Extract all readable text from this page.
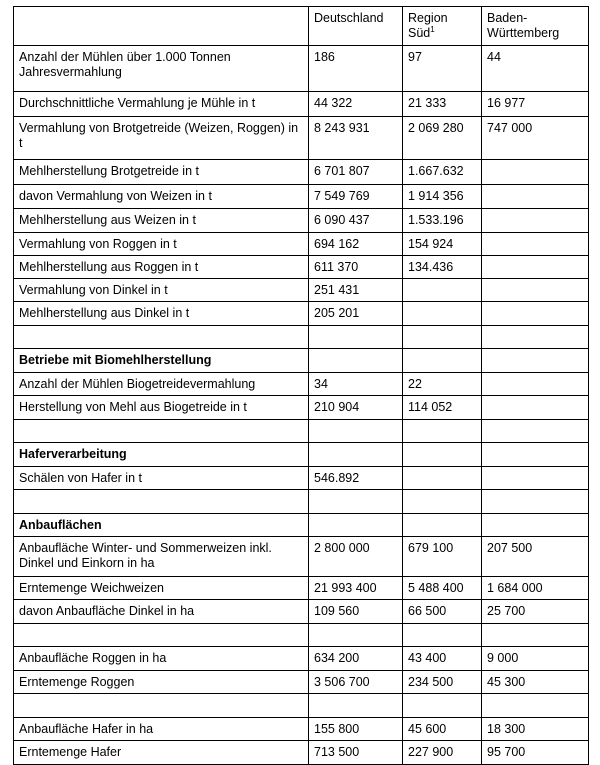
	Deutschland	Region Süd$^1$	Baden-Württemberg
Anzahl der Mühlen über 1.000 Tonnen Jahresvermahlung	186	97	44
Durchschnittliche Vermahlung je Mühle in t	44 322	21 333	16 977
Vermahlung von Brotgetreide (Weizen, Roggen) in t	8 243 931	2 069 280	747 000
Mehlherstellung Brotgetreide in t	6 701 807	1.667.632	
davon Vermahlung von Weizen in t	7 549 769	1 914 356	
Mehlherstellung aus Weizen in t	6 090 437	1.533.196	
Vermahlung von Roggen in t	694 162	154 924	
Mehlherstellung aus Roggen in t	611 370	134.436	
Vermahlung von Dinkel in t	251 431		
Mehlherstellung aus Dinkel in t	205 201		

Betriebe mit Biomehlherstellung			
Anzahl der Mühlen Biogetreidevermahlung	34	22	
Herstellung von Mehl aus Biogetreide in t	210 904	114 052	

Haferverarbeitung			
Schälen von Hafer in t	546.892		

Anbauflächen			
Anbaufläche Winter- und Sommerweizen inkl. Dinkel und Einkorn in ha	2 800 000	679 100	207 500
Erntemenge Weichweizen	21 993 400	5 488 400	1 684 000
davon Anbaufläche Dinkel in ha	109 560	66 500	25 700

Anbaufläche Roggen in ha	634 200	43 400	9 000
Erntemenge Roggen	3 506 700	234 500	45 300

Anbaufläche Hafer in ha	155 800	45 600	18 300
Erntemenge Hafer	713 500	227 900	95 700
